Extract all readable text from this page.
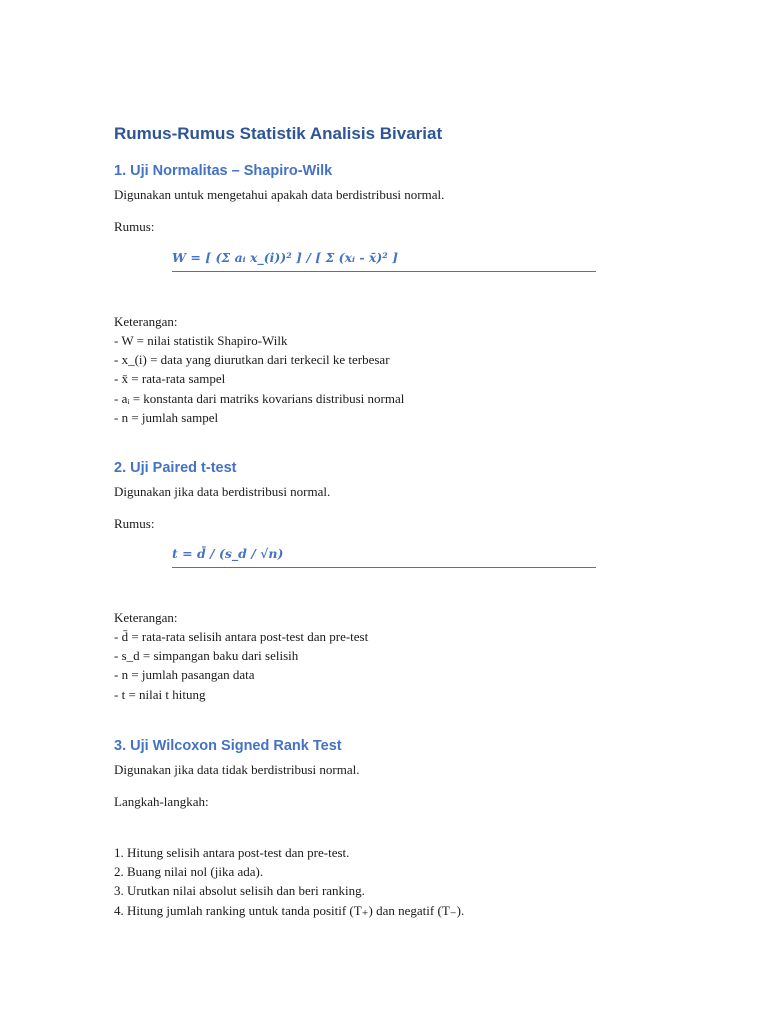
Rumus-Rumus Statistik Analisis Bivariat
1. Uji Normalitas – Shapiro-Wilk

Digunakan untuk mengetahui apakah data berdistribusi normal.

Rumus:

W = [ (Σ aᵢ x_(i))² ] / [ Σ (xᵢ - x̄)² ]

Keterangan:

- W = nilai statistik Shapiro-Wilk
- x_(i) = data yang diurutkan dari terkecil ke terbesar
- x̄ = rata-rata sampel
- aᵢ = konstanta dari matriks kovarians distribusi normal
- n = jumlah sampel
2. Uji Paired t-test

Digunakan jika data berdistribusi normal.

Rumus:

t = d̄ / (s_d / √n)

Keterangan:

- d̄ = rata-rata selisih antara post-test dan pre-test
- s_d = simpangan baku dari selisih
- n = jumlah pasangan data
- t = nilai t hitung
3. Uji Wilcoxon Signed Rank Test

Digunakan jika data tidak berdistribusi normal.

Langkah-langkah:

1. Hitung selisih antara post-test dan pre-test.
2. Buang nilai nol (jika ada).
3. Urutkan nilai absolut selisih dan beri ranking.
4. Hitung jumlah ranking untuk tanda positif (T₊) dan negatif (T₋).
